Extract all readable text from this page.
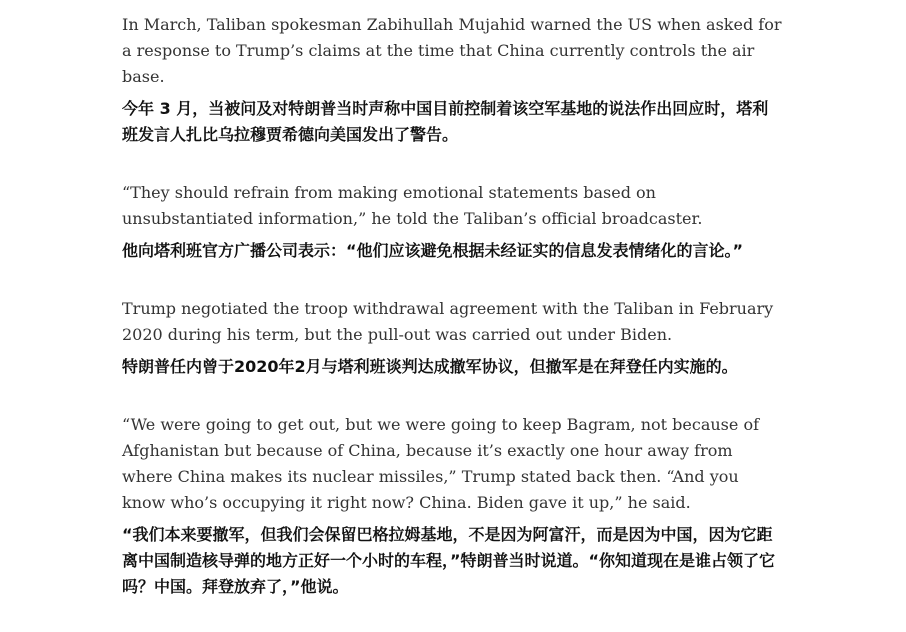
In March, Taliban spokesman Zabihullah Mujahid warned the US when asked for a response to Trump’s claims at the time that China currently controls the air base.

今年 3 月，当被问及对特朗普当时声称中国目前控制着该空军基地的说法作出回应时，塔利班发言人扎比乌拉穆贾希德向美国发出了警告。

“They should refrain from making emotional statements based on unsubstantiated information,” he told the Taliban’s official broadcaster.

他向塔利班官方广播公司表示：“他们应该避免根据未经证实的信息发表情绪化的言论。”

Trump negotiated the troop withdrawal agreement with the Taliban in February 2020 during his term, but the pull-out was carried out under Biden.

特朗普任内曾于2020年2月与塔利班谈判达成撤军协议，但撤军是在拜登任内实施的。

“We were going to get out, but we were going to keep Bagram, not because of Afghanistan but because of China, because it’s exactly one hour away from where China makes its nuclear missiles,” Trump stated back then. “And you know who’s occupying it right now? China. Biden gave it up,” he said.

“我们本来要撤军，但我们会保留巴格拉姆基地，不是因为阿富汗，而是因为中国，因为它距离中国制造核导弹的地方正好一个小时的车程，”特朗普当时说道。“你知道现在是谁占领了它吗？中国。拜登放弃了，”他说。
